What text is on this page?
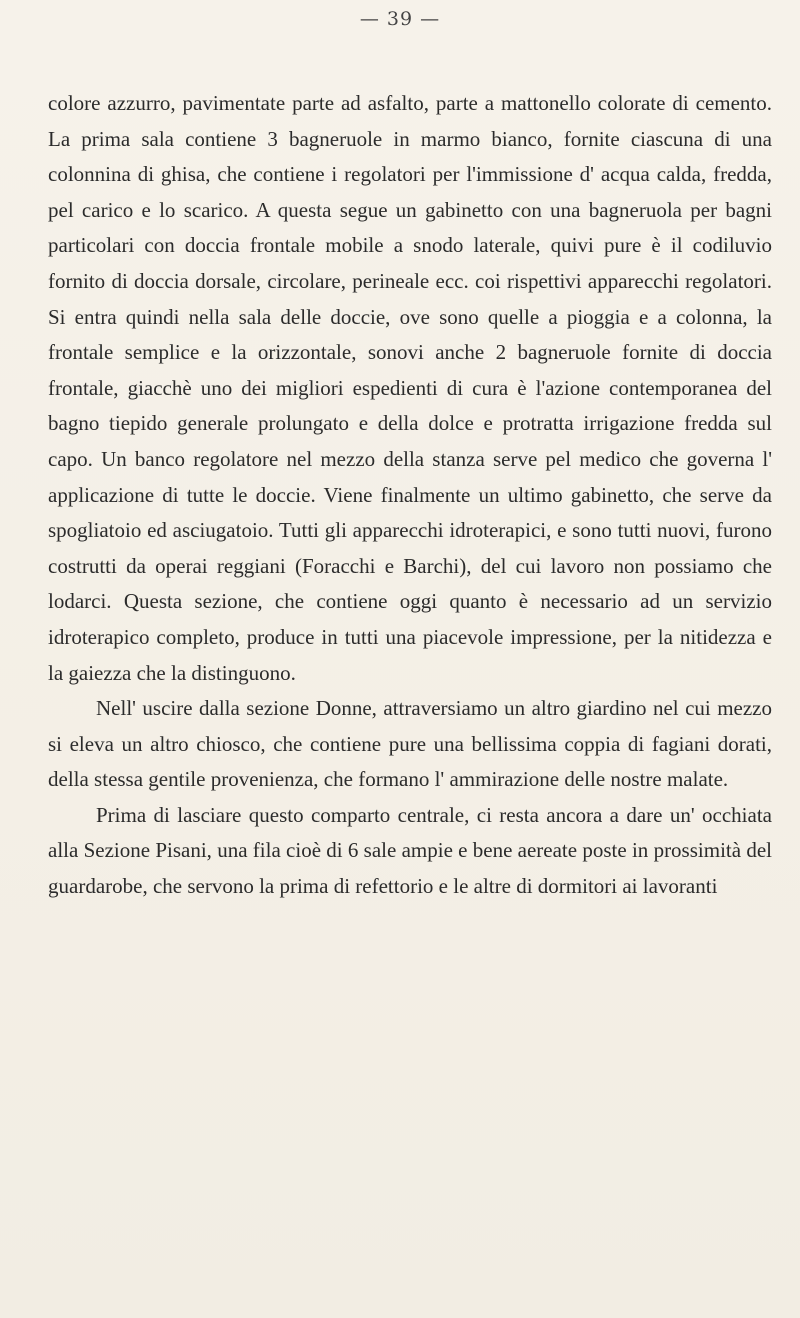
— 39 —

colore azzurro, pavimentate parte ad asfalto, parte a mattonello colorate di cemento. La prima sala contiene 3 bagneruole in marmo bianco, fornite ciascuna di una colonnina di ghisa, che contiene i regolatori per l'immissione d' acqua calda, fredda, pel carico e lo scarico. A questa segue un gabinetto con una bagneruola per bagni particolari con doccia frontale mobile a snodo laterale, quivi pure è il codiluvio fornito di doccia dorsale, circolare, perineale ecc. coi rispettivi apparecchi regolatori. Si entra quindi nella sala delle doccie, ove sono quelle a pioggia e a colonna, la frontale semplice e la orizzontale, sonovi anche 2 bagneruole fornite di doccia frontale, giacchè uno dei migliori espedienti di cura è l'azione contemporanea del bagno tiepido generale prolungato e della dolce e protratta irrigazione fredda sul capo. Un banco regolatore nel mezzo della stanza serve pel medico che governa l' applicazione di tutte le doccie. Viene finalmente un ultimo gabinetto, che serve da spogliatoio ed asciugatoio. Tutti gli apparecchi idroterapici, e sono tutti nuovi, furono costrutti da operai reggiani (Foracchi e Barchi), del cui lavoro non possiamo che lodarci. Questa sezione, che contiene oggi quanto è necessario ad un servizio idroterapico completo, produce in tutti una piacevole impressione, per la nitidezza e la gaiezza che la distinguono.

Nell' uscire dalla sezione Donne, attraversiamo un altro giardino nel cui mezzo si eleva un altro chiosco, che contiene pure una bellissima coppia di fagiani dorati, della stessa gentile provenienza, che formano l' ammirazione delle nostre malate.

Prima di lasciare questo comparto centrale, ci resta ancora a dare un' occhiata alla Sezione Pisani, una fila cioè di 6 sale ampie e bene aereate poste in prossimità del guardarobe, che servono la prima di refettorio e le altre di dormitori ai lavoranti
